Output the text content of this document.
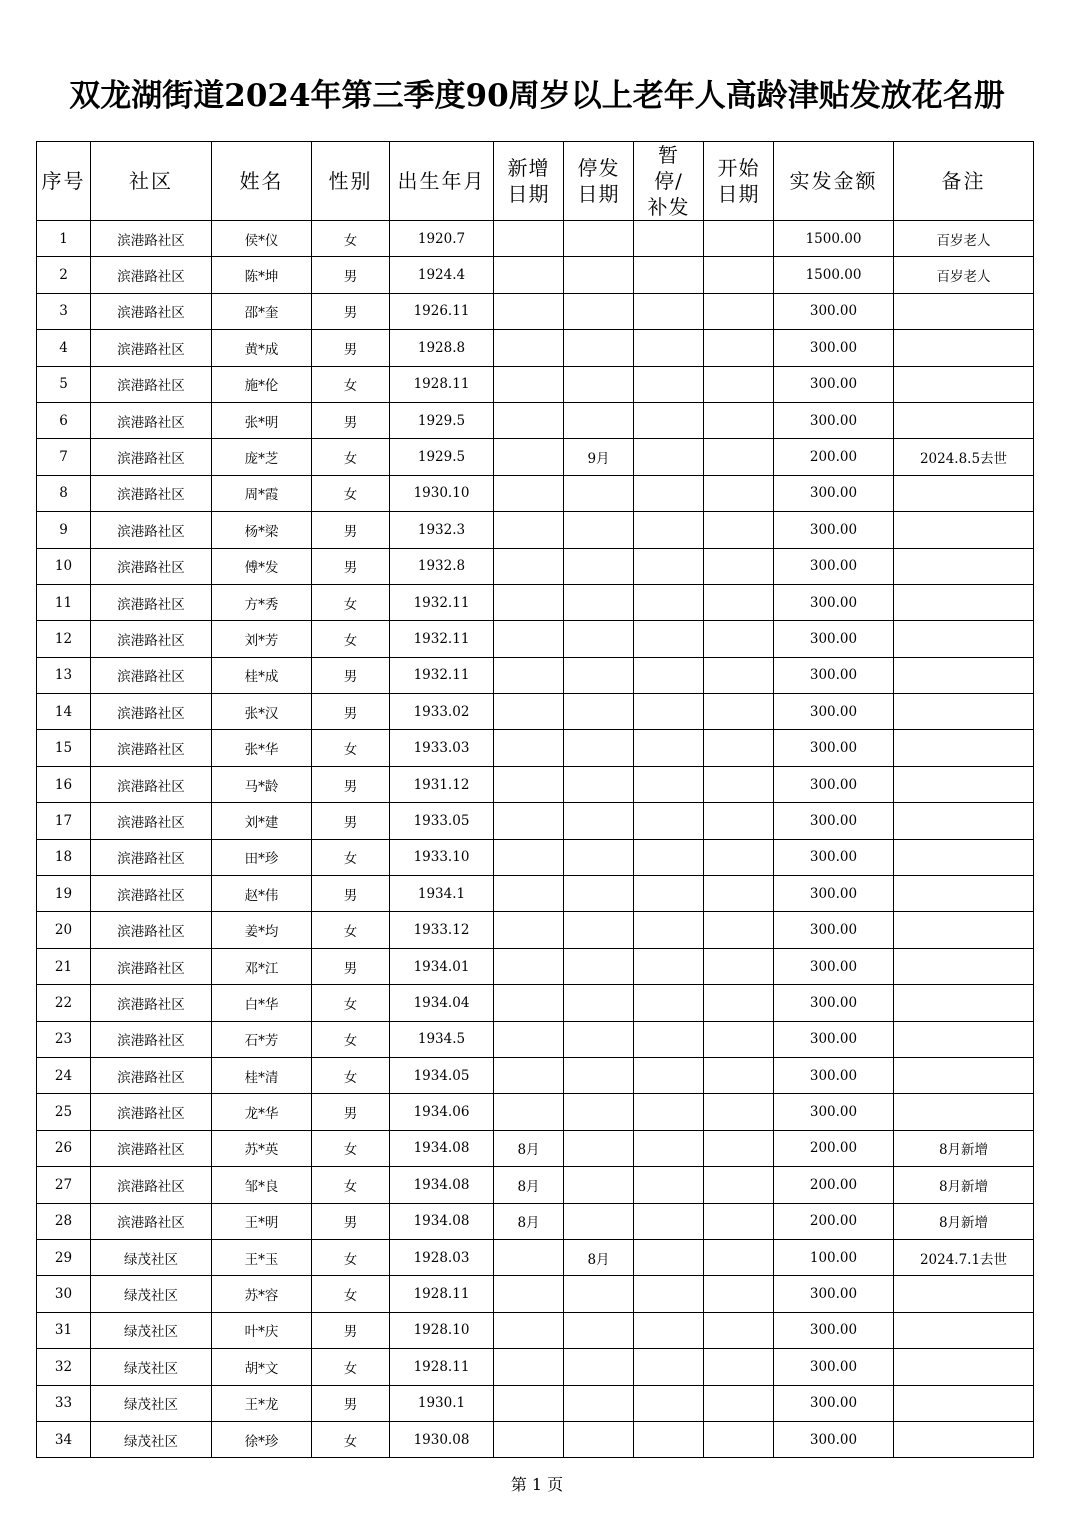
双龙湖街道2024年第三季度90周岁以上老年人高龄津贴发放花名册
序号	社区	姓名	性别	出生年月	新增日期	停发日期	暂停/补发	开始日期	实发金额	备注
1	滨港路社区	侯*仪	女	1920.7					1500.00	百岁老人
2	滨港路社区	陈*坤	男	1924.4					1500.00	百岁老人
3	滨港路社区	邵*奎	男	1926.11					300.00	
4	滨港路社区	黄*成	男	1928.8					300.00	
5	滨港路社区	施*伦	女	1928.11					300.00	
6	滨港路社区	张*明	男	1929.5					300.00	
7	滨港路社区	庞*芝	女	1929.5		9月			200.00	2024.8.5去世
8	滨港路社区	周*霞	女	1930.10					300.00	
9	滨港路社区	杨*梁	男	1932.3					300.00	
10	滨港路社区	傅*发	男	1932.8					300.00	
11	滨港路社区	方*秀	女	1932.11					300.00	
12	滨港路社区	刘*芳	女	1932.11					300.00	
13	滨港路社区	桂*成	男	1932.11					300.00	
14	滨港路社区	张*汉	男	1933.02					300.00	
15	滨港路社区	张*华	女	1933.03					300.00	
16	滨港路社区	马*龄	男	1931.12					300.00	
17	滨港路社区	刘*建	男	1933.05					300.00	
18	滨港路社区	田*珍	女	1933.10					300.00	
19	滨港路社区	赵*伟	男	1934.1					300.00	
20	滨港路社区	姜*均	女	1933.12					300.00	
21	滨港路社区	邓*江	男	1934.01					300.00	
22	滨港路社区	白*华	女	1934.04					300.00	
23	滨港路社区	石*芳	女	1934.5					300.00	
24	滨港路社区	桂*清	女	1934.05					300.00	
25	滨港路社区	龙*华	男	1934.06					300.00	
26	滨港路社区	苏*英	女	1934.08	8月				200.00	8月新增
27	滨港路社区	邹*良	女	1934.08	8月				200.00	8月新增
28	滨港路社区	王*明	男	1934.08	8月				200.00	8月新增
29	绿茂社区	王*玉	女	1928.03		8月			100.00	2024.7.1去世
30	绿茂社区	苏*容	女	1928.11					300.00	
31	绿茂社区	叶*庆	男	1928.10					300.00	
32	绿茂社区	胡*文	女	1928.11					300.00	
33	绿茂社区	王*龙	男	1930.1					300.00	
34	绿茂社区	徐*珍	女	1930.08					300.00	
第 1 页
